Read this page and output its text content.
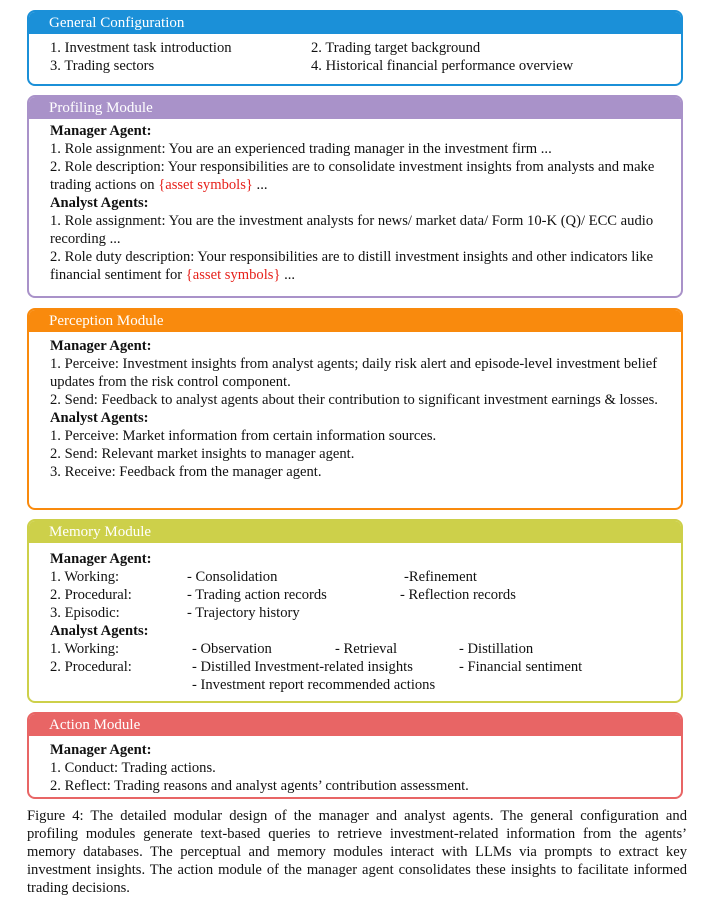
General Configuration
1. Investment task introduction	2. Trading target background
3. Trading sectors	4. Historical financial performance overview
Profiling Module
Manager Agent:
1. Role assignment: You are an experienced trading manager in the investment firm ...
2. Role description: Your responsibilities are to consolidate investment insights from analysts and make trading actions on {asset symbols} ...
Analyst Agents:
1. Role assignment: You are the investment analysts for news/ market data/ Form 10-K (Q)/ ECC audio recording ...
2. Role duty description: Your responsibilities are to distill investment insights and other indicators like financial sentiment for {asset symbols} ...
Perception Module
Manager Agent:
1. Perceive: Investment insights from analyst agents; daily risk alert and episode-level investment belief updates from the risk control component.
2. Send: Feedback to analyst agents about their contribution to significant investment earnings & losses.
Analyst Agents:
1. Perceive: Market information from certain information sources.
2. Send: Relevant market insights to manager agent.
3. Receive: Feedback from the manager agent.
Memory Module
Manager Agent:
1. Working:	- Consolidation	-Refinement
2. Procedural:	- Trading action records	- Reflection records
3. Episodic:	- Trajectory history
Analyst Agents:
1. Working:	- Observation	- Retrieval	- Distillation
2. Procedural:	- Distilled Investment-related insights	- Financial sentiment
- Investment report recommended actions
Action Module
Manager Agent:
1. Conduct: Trading actions.
2. Reflect: Trading reasons and analyst agents’ contribution assessment.
Figure 4: The detailed modular design of the manager and analyst agents. The general configuration and profiling modules generate text-based queries to retrieve investment-related information from the agents’ memory databases. The perceptual and memory modules interact with LLMs via prompts to extract key investment insights. The action module of the manager agent consolidates these insights to facilitate informed trading decisions.
